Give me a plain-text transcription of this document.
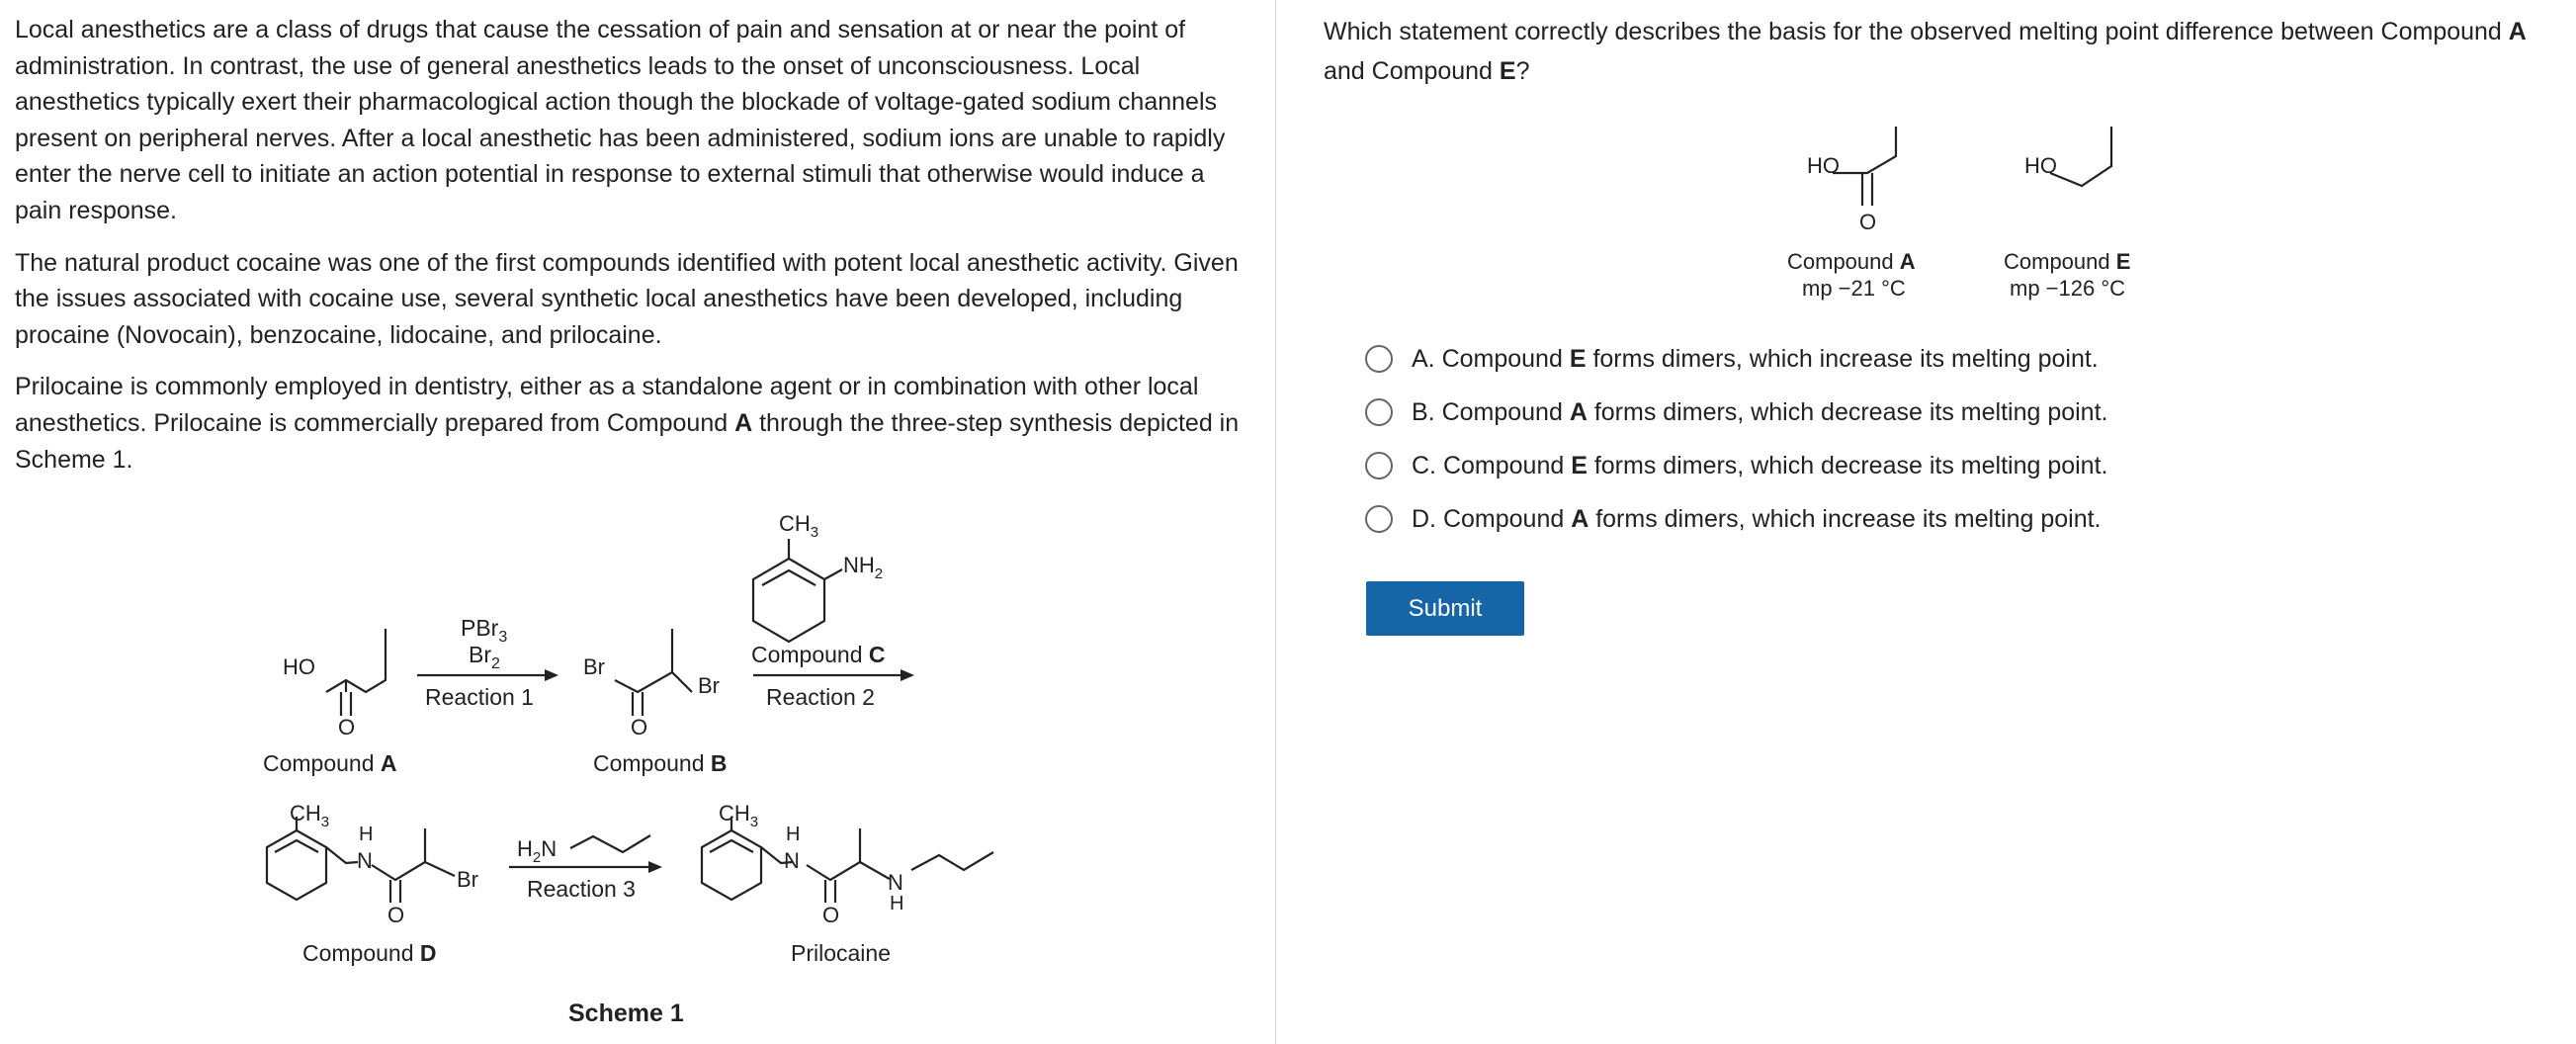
Local anesthetics are a class of drugs that cause the cessation of pain and sensation at or near the point of administration. In contrast, the use of general anesthetics leads to the onset of unconsciousness. Local anesthetics typically exert their pharmacological action though the blockade of voltage-gated sodium channels present on peripheral nerves. After a local anesthetic has been administered, sodium ions are unable to rapidly enter the nerve cell to initiate an action potential in response to external stimuli that otherwise would induce a pain response.

The natural product cocaine was one of the first compounds identified with potent local anesthetic activity. Given the issues associated with cocaine use, several synthetic local anesthetics have been developed, including procaine (Novocain), benzocaine, lidocaine, and prilocaine.

Prilocaine is commonly employed in dentistry, either as a standalone agent or in combination with other local anesthetics. Prilocaine is commercially prepared from Compound A through the three-step synthesis depicted in Scheme 1.

HO
O
Compound A
PBr$_3$
$Br_2$
Reaction 1
Br
Br
O
Compound B
$CH_3$
$NH_2$
Compound C
Reaction 2
$CH_3$
H
N
Br
O
Compound D
$H_2N$
Reaction 3
$CH_3$
H
N
N
H
O
Prilocaine
Scheme 1
Which statement correctly describes the basis for the observed melting point difference between Compound A and Compound E?
HO
O
Compound A
mp −21 °C
HO
Compound E
mp −126 °C
A. Compound E forms dimers, which increase its melting point.
B. Compound A forms dimers, which decrease its melting point.
C. Compound E forms dimers, which decrease its melting point.
D. Compound A forms dimers, which increase its melting point.
Submit
